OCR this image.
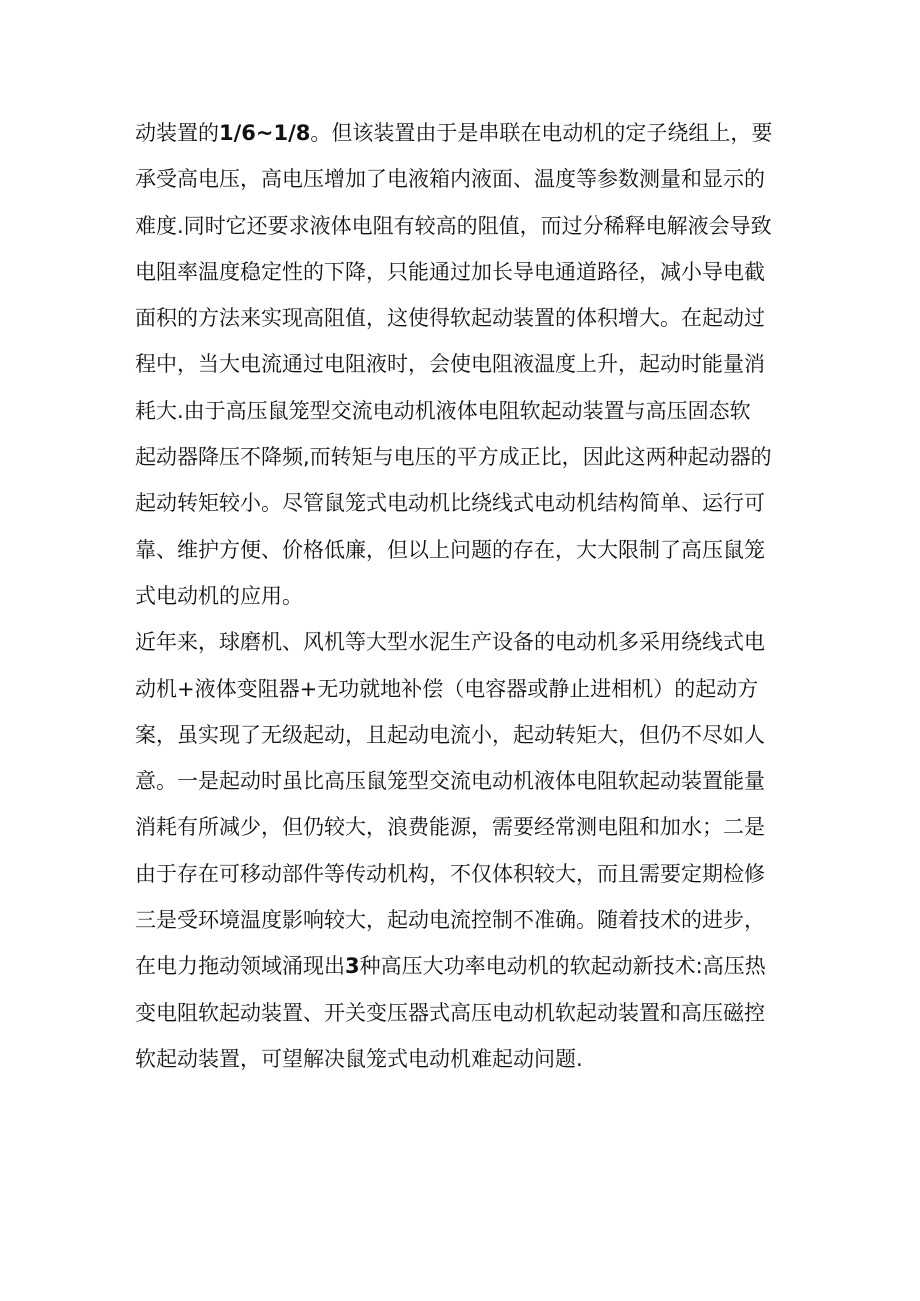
动装置的1/6~1/8。但该装置由于是串联在电动机的定子绕组上，要
承受高电压，高电压增加了电液箱内液面、温度等参数测量和显示的
难度.同时它还要求液体电阻有较高的阻值，而过分稀释电解液会导致
电阻率温度稳定性的下降，只能通过加长导电通道路径，减小导电截
面积的方法来实现高阻值，这使得软起动装置的体积增大。在起动过
程中，当大电流通过电阻液时，会使电阻液温度上升，起动时能量消
耗大.由于高压鼠笼型交流电动机液体电阻软起动装置与高压固态软
起动器降压不降频,而转矩与电压的平方成正比，因此这两种起动器的
起动转矩较小。尽管鼠笼式电动机比绕线式电动机结构简单、运行可
靠、维护方便、价格低廉，但以上问题的存在，大大限制了高压鼠笼
式电动机的应用。
近年来，球磨机、风机等大型水泥生产设备的电动机多采用绕线式电
动机+液体变阻器+无功就地补偿（电容器或静止进相机）的起动方
案，虽实现了无级起动，且起动电流小，起动转矩大，但仍不尽如人
意。一是起动时虽比高压鼠笼型交流电动机液体电阻软起动装置能量
消耗有所减少，但仍较大，浪费能源，需要经常测电阻和加水；二是
由于存在可移动部件等传动机构，不仅体积较大，而且需要定期检修
三是受环境温度影响较大，起动电流控制不准确。随着技术的进步，
在电力拖动领域涌现出3种高压大功率电动机的软起动新技术:高压热
变电阻软起动装置、开关变压器式高压电动机软起动装置和高压磁控
软起动装置，可望解决鼠笼式电动机难起动问题.
